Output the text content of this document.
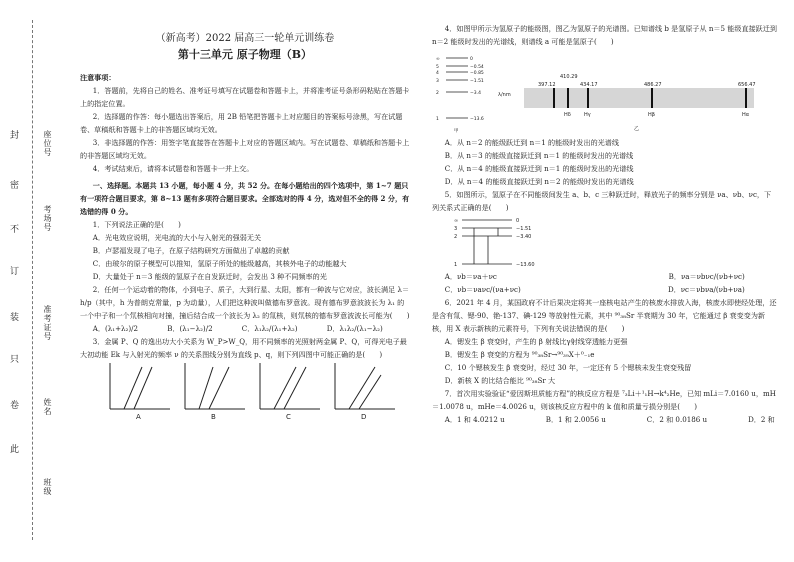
封
密
不
订
装
只
卷
此
座位号
考场号
准考证号
姓名
班级

（新高考）2022 届高三一轮单元训练卷

第十三单元 原子物理（B）

注意事项：

1．答题前，先将自己的姓名、准考证号填写在试题卷和答题卡上，并将准考证号条形码粘贴在答题卡上的指定位置。

2．选择题的作答：每小题选出答案后，用 2B 铅笔把答题卡上对应题目的答案标号涂黑，写在试题卷、草稿纸和答题卡上的非答题区域均无效。

3．非选择题的作答：用签字笔直接答在答题卡上对应的答题区域内。写在试题卷、草稿纸和答题卡上的非答题区域均无效。

4．考试结束后，请将本试题卷和答题卡一并上交。

一、选择题。本题共 13 小题，每小题 4 分，共 52 分。在每小题给出的四个选项中，第 1~7 题只有一项符合题目要求，第 8~13 题有多项符合题目要求。全部选对的得 4 分，选对但不全的得 2 分，有选错的得 0 分。

1．下列说法正确的是(　　)

A．光电效应说明，光电流的大小与入射光的强弱无关

B．卢瑟福发现了电子，在原子结构研究方面做出了卓越的贡献

C．由玻尔的原子模型可以推知，氢原子所处的能级越高，其核外电子的动能越大

D．大量处于 n＝3 能级的氢原子在自发跃迁时，会发出 3 种不同频率的光

2．任何一个运动着的物体，小到电子、质子，大到行星、太阳，都有一种波与它对应，波长满足 λ＝h/p（其中，h 为普朗克常量，p 为动量），人们把这种波叫做德布罗意波。现有德布罗意波波长为 λ₁ 的一个中子和一个氘核相向对撞，撞后结合成一个波长为 λ₂ 的氚核，则氘核的德布罗意波波长可能为(　　)

A．(λ₁+λ₂)/2	B．(λ₁−λ₂)/2	C．λ₁λ₂/(λ₁+λ₂)	D．λ₁λ₂/(λ₁−λ₂)

3．金属 P、Q 的逸出功大小关系为 W_P>W_Q，用不同频率的光照射两金属 P、Q，可得光电子最大初动能 Ek 与入射光的频率 ν 的关系图线分别为直线 p、q，则下列四图中可能正确的是(　　)

A	B	C	D

4．如图甲所示为氢原子的能级图，图乙为氢原子的光谱图。已知谱线 b 是氢原子从 n＝5 能级直接跃迁到 n＝2 能级时发出的光谱线，则谱线 a 可能是氢原子(　　)

∞
5
4
3
2
1
0
−0.54
−0.85
−1.51
−3.4
−13.6
甲
λ/nm
397.12
410.29
434.17	486.27	656.47
Hδ	Hγ	Hβ	Hα
乙

A．从 n＝2 的能级跃迁到 n＝1 的能级时发出的光谱线

B．从 n＝3 的能级直接跃迁到 n＝1 的能级时发出的光谱线

C．从 n＝4 的能级直接跃迁到 n＝1 的能级时发出的光谱线

D．从 n＝4 的能级直接跃迁到 n＝2 的能级时发出的光谱线

5．如图所示，氢原子在不同能级间发生 a、b、c 三种跃迁时，释放光子的频率分别是 νa、νb、νc，下列关系式正确的是(　　)

∞
3
2
1
0
−1.51
−3.40
−13.60
A．νb＝νa＋νc	B．νa＝νbνc/(νb+νc)
C．νb＝νaνc/(νa+νc)	D．νc＝νbνa/(νb+νa)

6．2021 年 4 月，某国政府不计后果决定将其一座核电站产生的核废水排放入海，核废水即使经处理，还是含有氚、锶-90、铯-137、碘-129 等放射性元素，其中 ⁹⁰₃₈Sr 半衰期为 30 年，它能通过 β 衰变变为新核，用 X 表示新核的元素符号，下列有关说法错误的是(　　)

A．锶发生 β 衰变时，产生的 β 射线比γ射线穿透能力更强

B．锶发生 β 衰变的方程为 ⁹⁰₃₈Sr→⁹⁰₃₉X＋⁰₋₁e

C．10 个锶核发生 β 衰变时，经过 30 年，一定还有 5 个锶核未发生衰变残留

D．新核 X 的比结合能比 ⁹⁰₃₈Sr 大

7．首次用实验验证“爱因斯坦质能方程”的核反应方程是 ⁷₃Li＋¹₁H→k⁴₂He，已知 mLi＝7.0160 u，mH＝1.0078 u，mHe＝4.0026 u，则该核反应方程中的 k 值和质量亏损分别是(　　)

A．1 和 4.0212 u	B．1 和 2.0056 u	C．2 和 0.0186 u	D．2 和
